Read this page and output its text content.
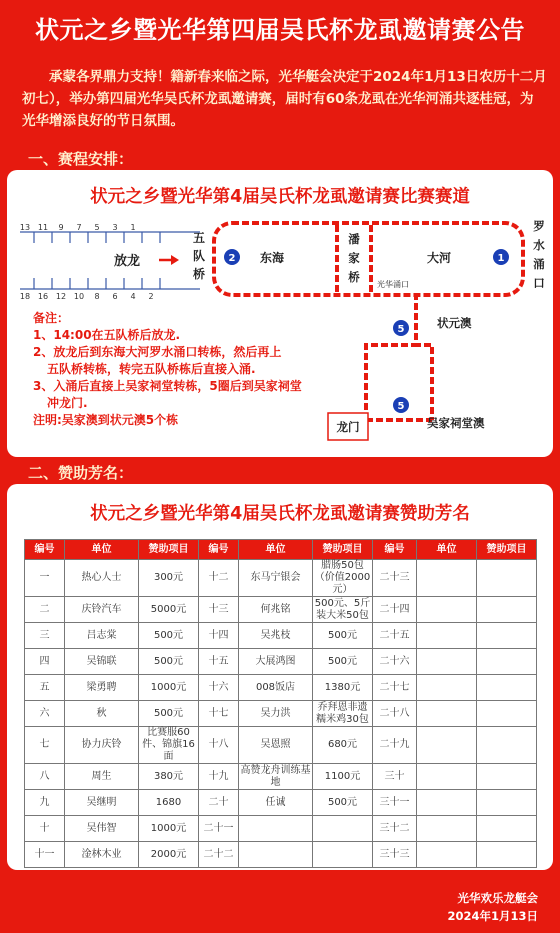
状元之乡暨光华第四届吴氏杯龙虱邀请赛公告
承蒙各界鼎力支持！籍新春来临之际，光华艇会决定于2024年1月13日农历十二月初七），举办第四届光华吴氏杯龙虱邀请赛，届时有60条龙虱在光华河涌共逐桂冠，为光华增添良好的节日氛围。
一、赛程安排：
状元之乡暨光华第4届吴氏杯龙虱邀请赛比赛赛道
13 11 9 7 5 3 1
18 16 12 10 8 6 4 2
放龙
五
队
桥
2	1
5
5
东海
潘
家
桥
大河
罗
水
涌
口
光华涌口
状元澳
吴家祠堂澳
龙门
备注：
1、14:00在五队桥后放龙.
2、放龙后到东海大河罗水涌口转栋，然后再上
五队桥转栋，转完五队桥栋后直接入涌.
3、入涌后直接上吴家祠堂转栋，5圈后到吴家祠堂
冲龙门.
注明:吴家澳到状元澳5个栋
二、赞助芳名：
状元之乡暨光华第4届吴氏杯龙虱邀请赛赞助芳名
编号	单位	赞助项目	编号	单位	赞助项目	编号	单位	赞助项目
一	热心人士	300元	十二	东马宁银会	腊肠50包（价值2000元）	二十三		
二	庆铃汽车	5000元	十三	何兆铭	500元、5斤装大米50包	二十四		
三	吕志棠	500元	十四	吴兆枝	500元	二十五		
四	吴锦联	500元	十五	大展鸿图	500元	二十六		
五	梁勇聘	1000元	十六	008饭店	1380元	二十七		
六	秋	500元	十七	吴力洪	乔拜恩非遗糯米鸡30包	二十八		
七	协力庆铃	比赛服60件、锦旗16面	十八	吴恩照	680元	二十九		
八	周生	380元	十九	高赞龙舟训练基地	1100元	三十		
九	吴继明	1680	二十	任诚	500元	三十一		
十	吴伟智	1000元	二十一			三十二		
十一	淦林木业	2000元	二十二			三十三		
光华欢乐龙艇会
2024年1月13日
